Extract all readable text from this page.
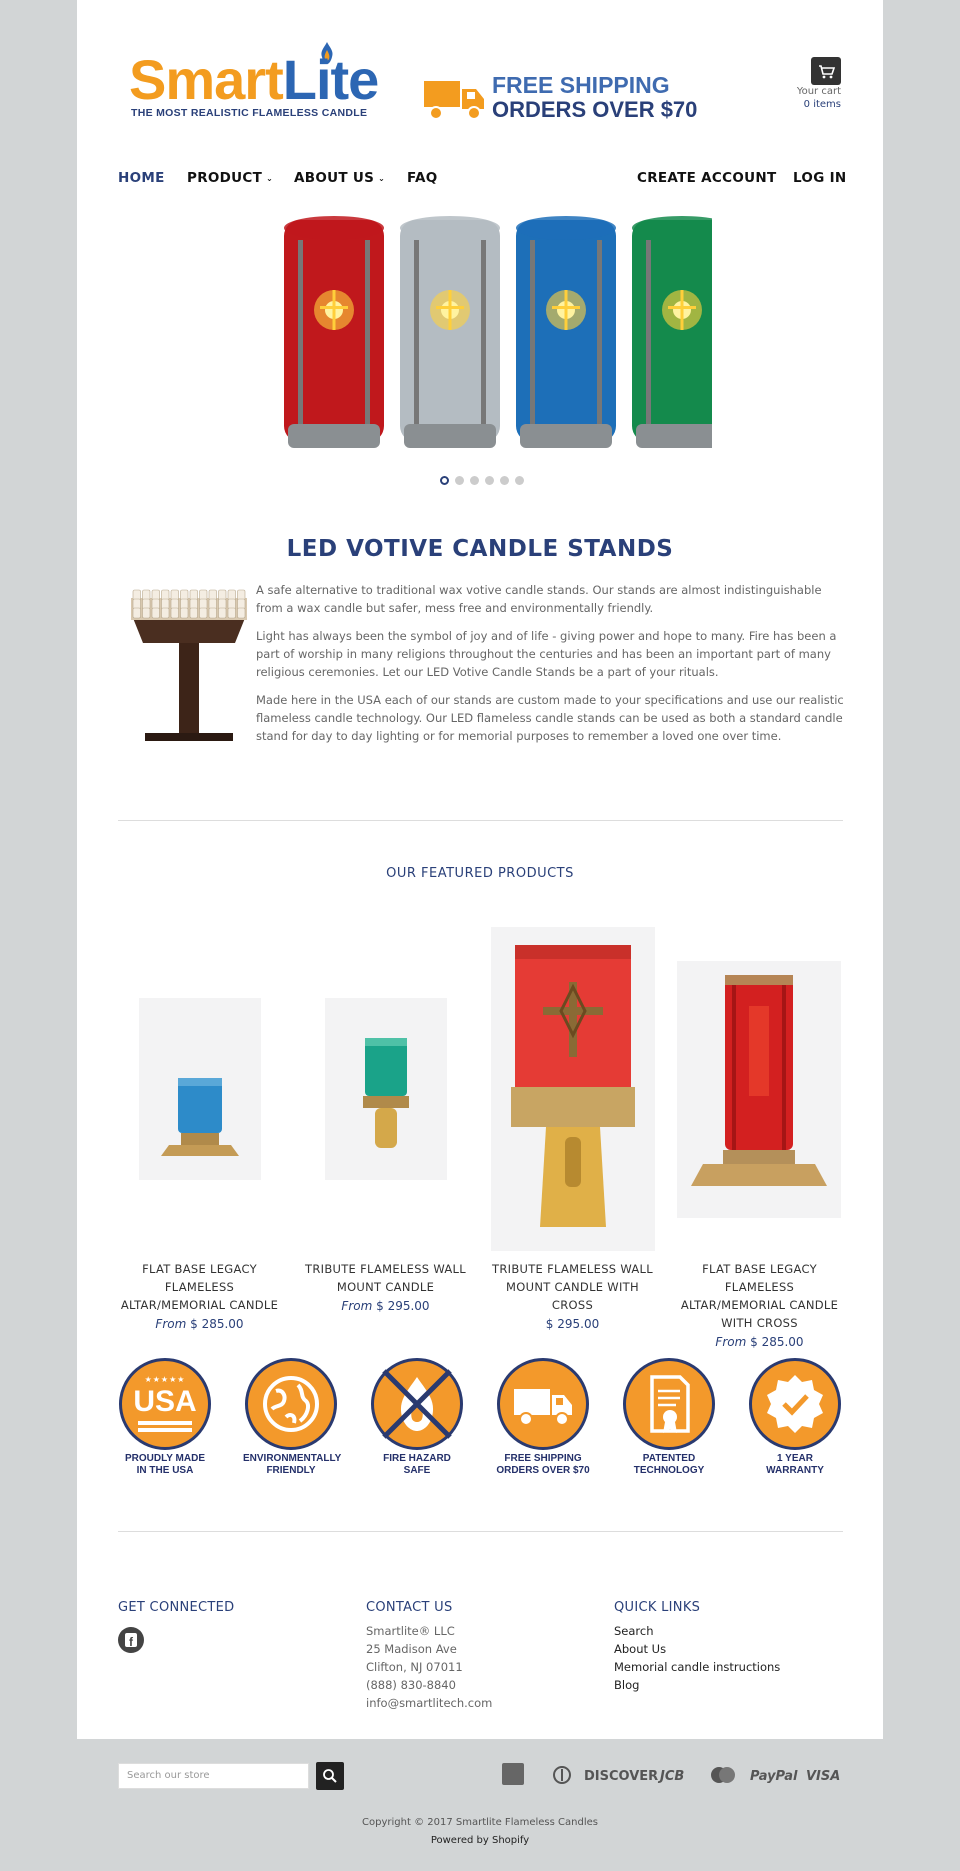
SmartLite
THE MOST REALISTIC FLAMELESS CANDLE
FREE SHIPPING
ORDERS OVER $70
Your cart
0 items
HOME PRODUCT ⌄ ABOUT US ⌄ FAQ	CREATE ACCOUNT LOG IN
LED VOTIVE CANDLE STANDS
A safe alternative to traditional wax votive candle stands. Our stands are almost indistinguishable from a wax candle but safer, mess free and environmentally friendly.
Light has always been the symbol of joy and of life - giving power and hope to many. Fire has been a part of worship in many religions throughout the centuries and has been an important part of many religious ceremonies. Let our LED Votive Candle Stands be a part of your rituals.
Made here in the USA each of our stands are custom made to your specifications and use our realistic flameless candle technology. Our LED flameless candle stands can be used as both a standard candle stand for day to day lighting or for memorial purposes to remember a loved one over time.
OUR FEATURED PRODUCTS
FLAT BASE LEGACY FLAMELESS ALTAR/MEMORIAL CANDLE
From $ 285.00
TRIBUTE FLAMELESS WALL MOUNT CANDLE
From $ 295.00
TRIBUTE FLAMELESS WALL MOUNT CANDLE WITH CROSS
$ 295.00
FLAT BASE LEGACY FLAMELESS ALTAR/MEMORIAL CANDLE WITH CROSS
From $ 285.00
★★★★★
USA
PROUDLY MADE
IN THE USA
ENVIRONMENTALLY
FRIENDLY
FIRE HAZARD
SAFE
FREE SHIPPING
ORDERS OVER $70
PATENTED
TECHNOLOGY
1 YEAR
WARRANTY
GET CONNECTED
f
CONTACT US
Smartlite® LLC
25 Madison Ave
Clifton, NJ 07011
(888) 830-8840
info@smartlitech.com
QUICK LINKS
Search
About Us
Memorial candle instructions
Blog
Search our store	DISCOVER JCB	PayPal VISA
Copyright © 2017 Smartlite Flameless Candles
Powered by Shopify
